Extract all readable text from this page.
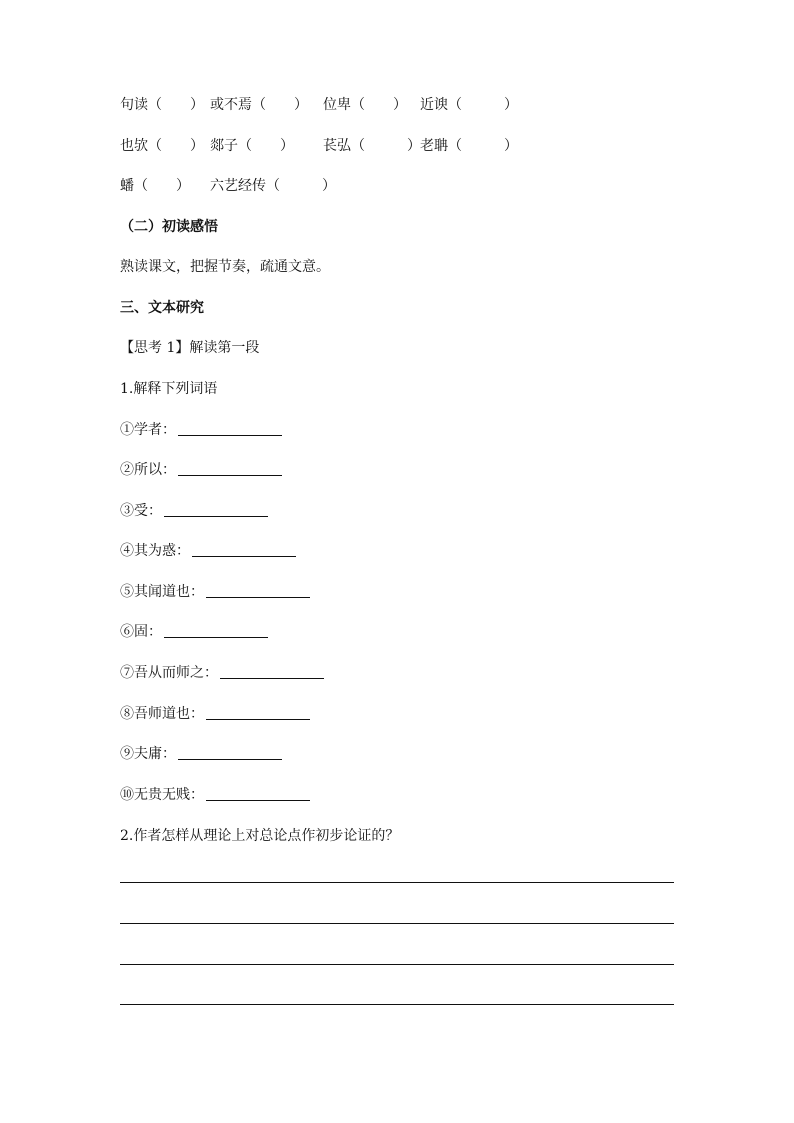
句读（　　） 或不焉（　　） 位卑（　　） 近谀（　　　）
也欤（　　） 郯子（　　） 苌弘（　　　） 老聃（　　　）
蟠（　　） 六艺经传（　　　）
（二）初读感悟
熟读课文，把握节奏，疏通文意。
三、文本研究
【思考 1】解读第一段
1.解释下列词语
①学者：
②所以：
③受：
④其为惑：
⑤其闻道也：
⑥固：
⑦吾从而师之：
⑧吾师道也：
⑨夫庸：
⑩无贵无贱：
2.作者怎样从理论上对总论点作初步论证的？
